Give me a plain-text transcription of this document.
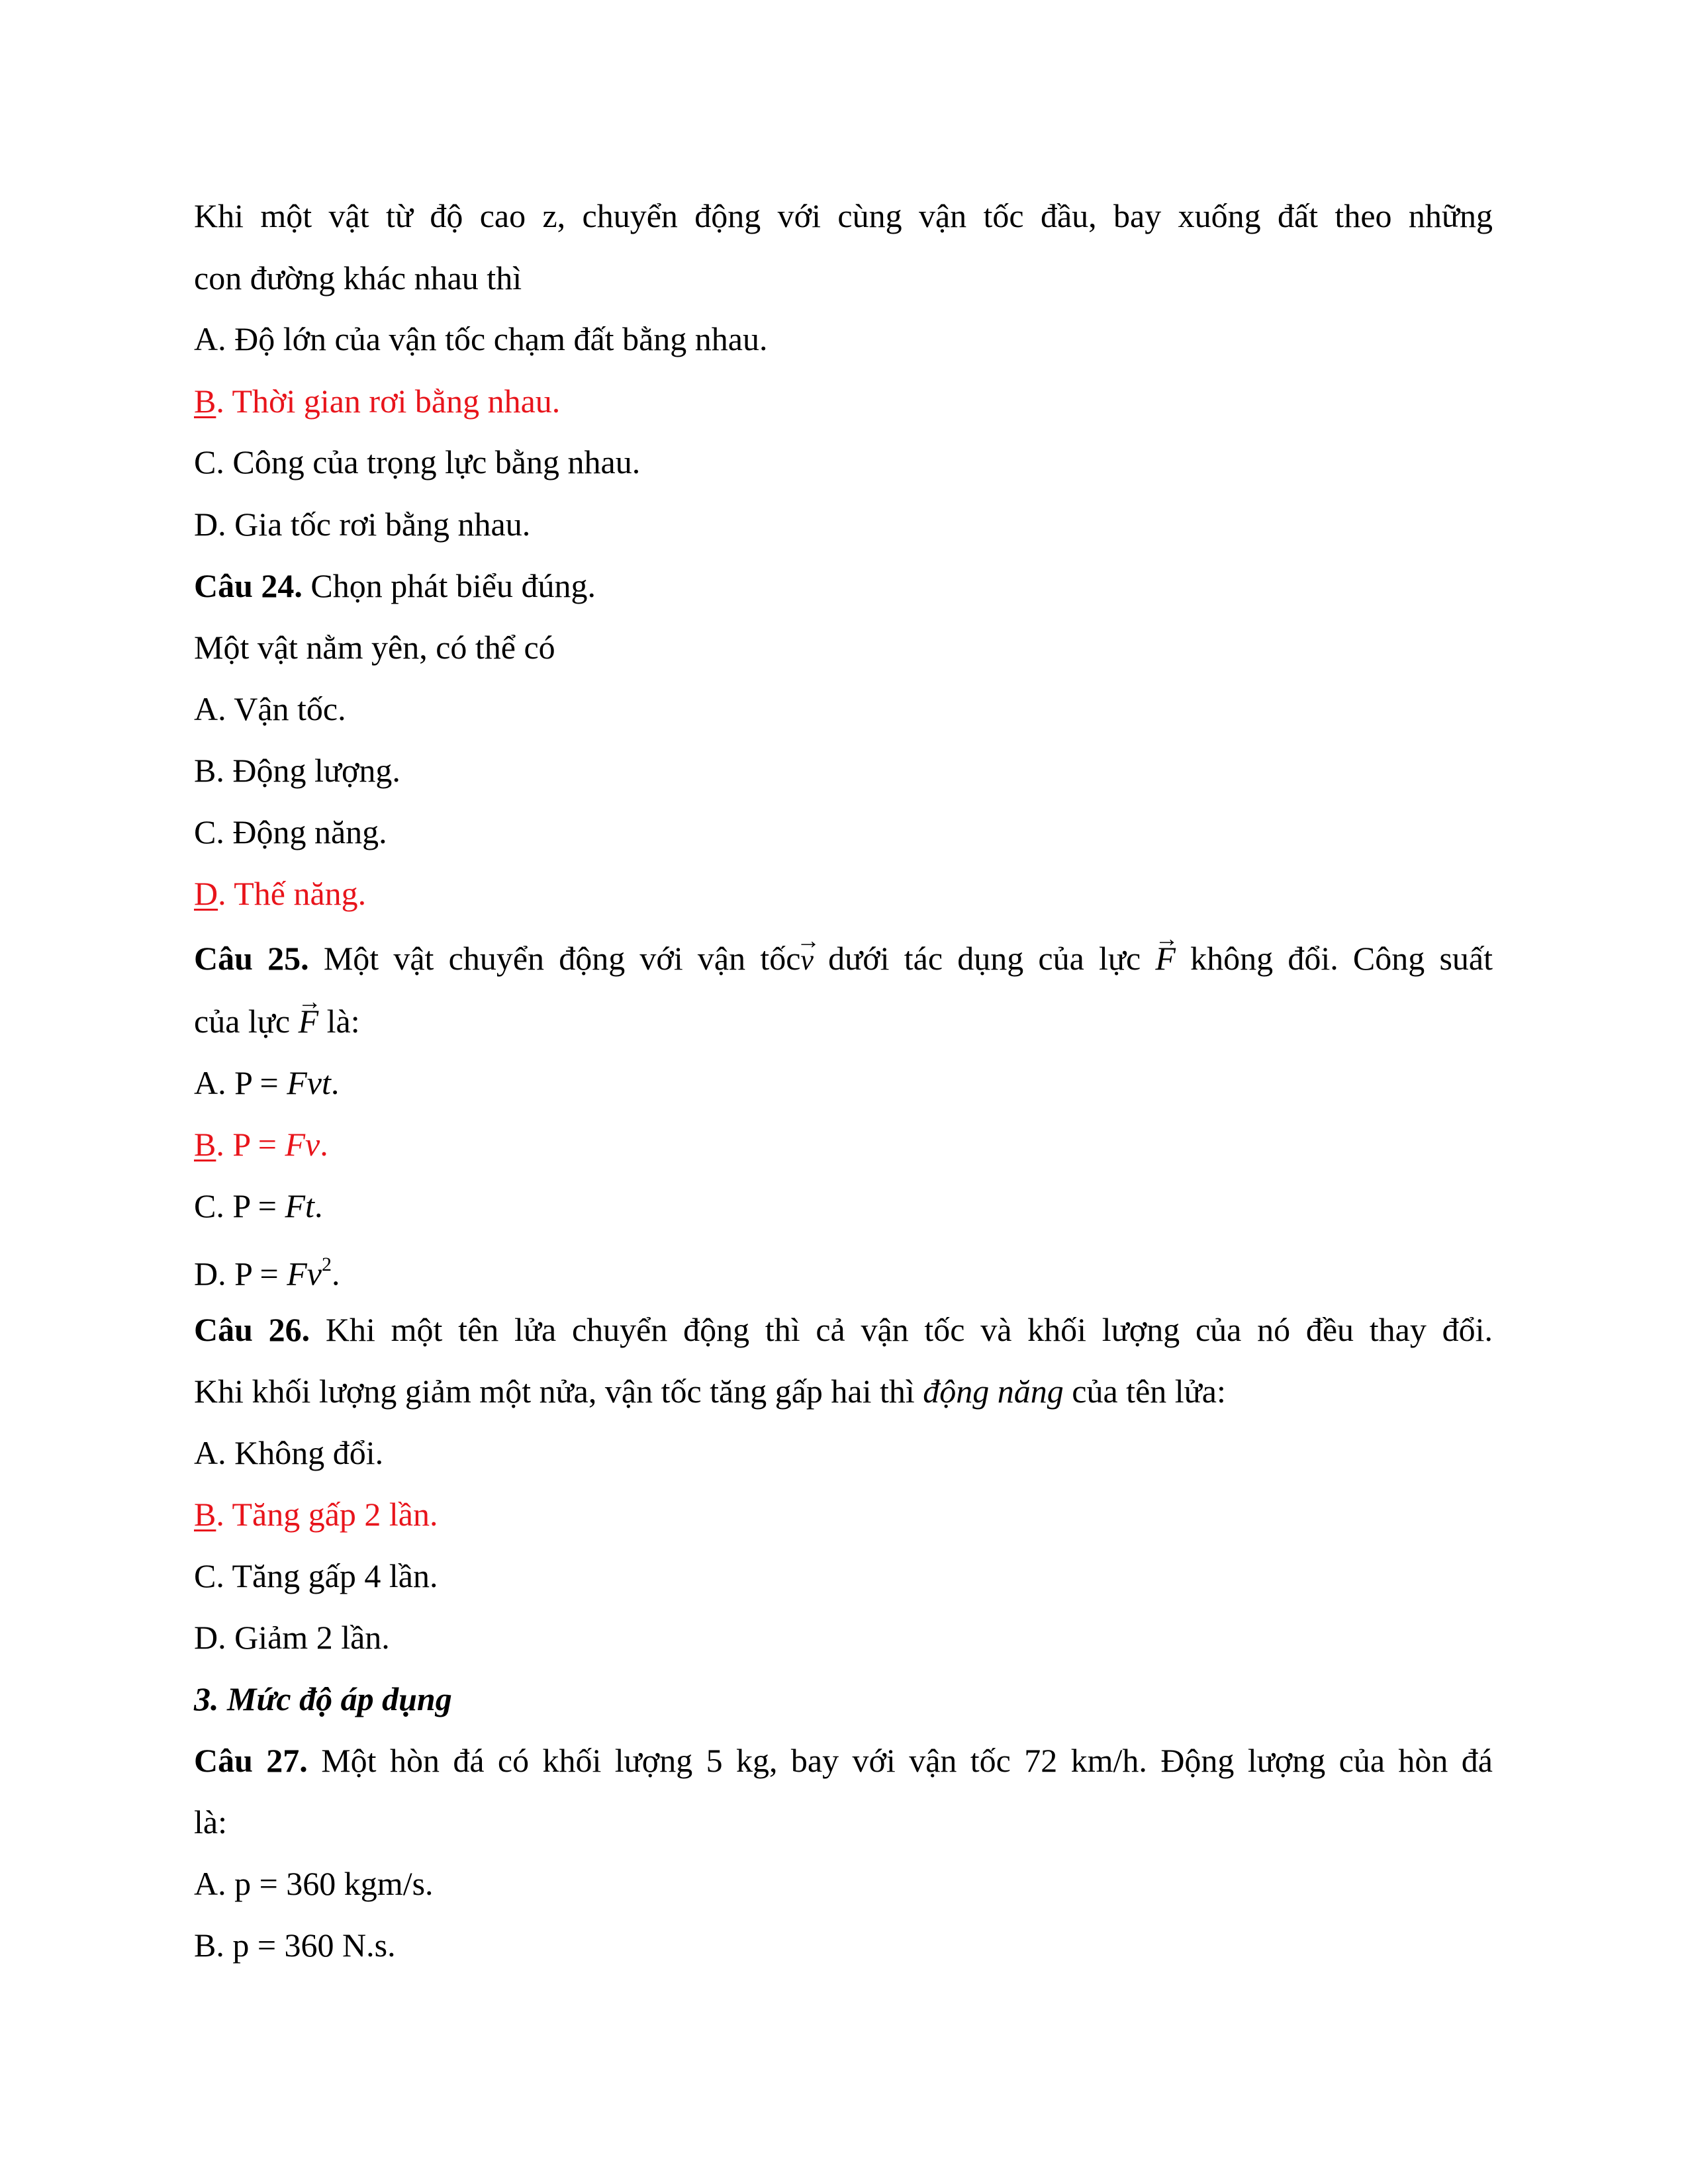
Khi một vật từ độ cao z, chuyển động với cùng vận tốc đầu, bay xuống đất theo những
con đường khác nhau thì
A. Độ lớn của vận tốc chạm đất bằng nhau.
B. Thời gian rơi bằng nhau.
C. Công của trọng lực bằng nhau.
D. Gia tốc rơi bằng nhau.
Câu 24. Chọn phát biểu đúng.
Một vật nằm yên, có thể có
A. Vận tốc.
B. Động lượng.
C. Động năng.
D. Thế năng.
Câu 25. Một vật chuyển động với vận tốcv → dưới tác dụng của lực F → không đổi. Công suất
của lực F → là:
A. P = Fvt.
B. P = Fv.
C. P = Ft.
D. $P = Fv^2$.
Câu 26. Khi một tên lửa chuyển động thì cả vận tốc và khối lượng của nó đều thay đổi.
Khi khối lượng giảm một nửa, vận tốc tăng gấp hai thì động năng của tên lửa:
A. Không đổi.
B. Tăng gấp 2 lần.
C. Tăng gấp 4 lần.
D. Giảm 2 lần.
3. Mức độ áp dụng
Câu 27. Một hòn đá có khối lượng 5 kg, bay với vận tốc 72 km/h. Động lượng của hòn đá
là:
A. p = 360 kgm/s.
B. p = 360 N.s.
